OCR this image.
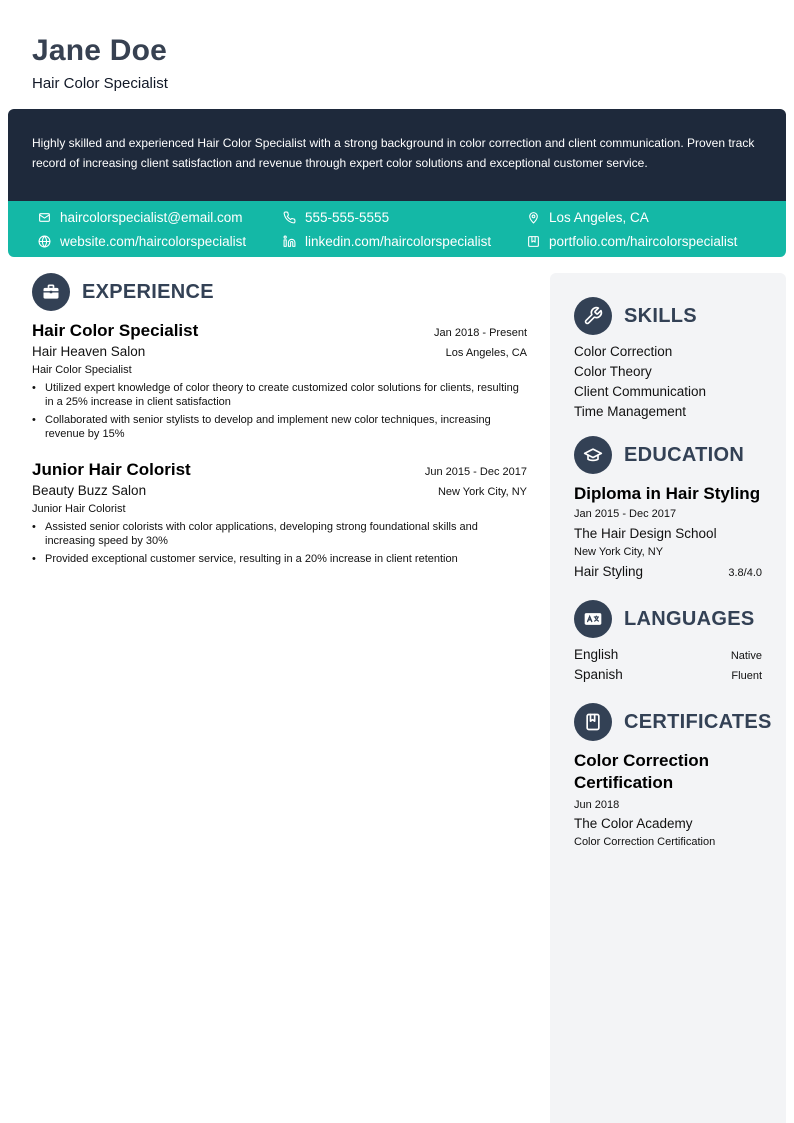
Jane Doe
Hair Color Specialist

Highly skilled and experienced Hair Color Specialist with a strong background in color correction and client communication. Proven track record of increasing client satisfaction and revenue through expert color solutions and exceptional customer service.

haircolorspecialist@email.com	555-555-5555	Los Angeles, CA
website.com/haircolorspecialist	linkedin.com/haircolorspecialist	portfolio.com/haircolorspecialist
EXPERIENCE
Hair Color Specialist	Jan 2018 - Present
Hair Heaven Salon	Los Angeles, CA
Hair Color Specialist
• Utilized expert knowledge of color theory to create customized color solutions for clients, resulting in a 25% increase in client satisfaction
• Collaborated with senior stylists to develop and implement new color techniques, increasing revenue by 15%
Junior Hair Colorist	Jun 2015 - Dec 2017
Beauty Buzz Salon	New York City, NY
Junior Hair Colorist
• Assisted senior colorists with color applications, developing strong foundational skills and increasing speed by 30%
• Provided exceptional customer service, resulting in a 20% increase in client retention
SKILLS
Color Correction
Color Theory
Client Communication
Time Management
EDUCATION
Diploma in Hair Styling
Jan 2015 - Dec 2017
The Hair Design School
New York City, NY
Hair Styling	3.8/4.0
LANGUAGES
English	Native
Spanish	Fluent
CERTIFICATES
Color Correction Certification
Jun 2018
The Color Academy
Color Correction Certification
